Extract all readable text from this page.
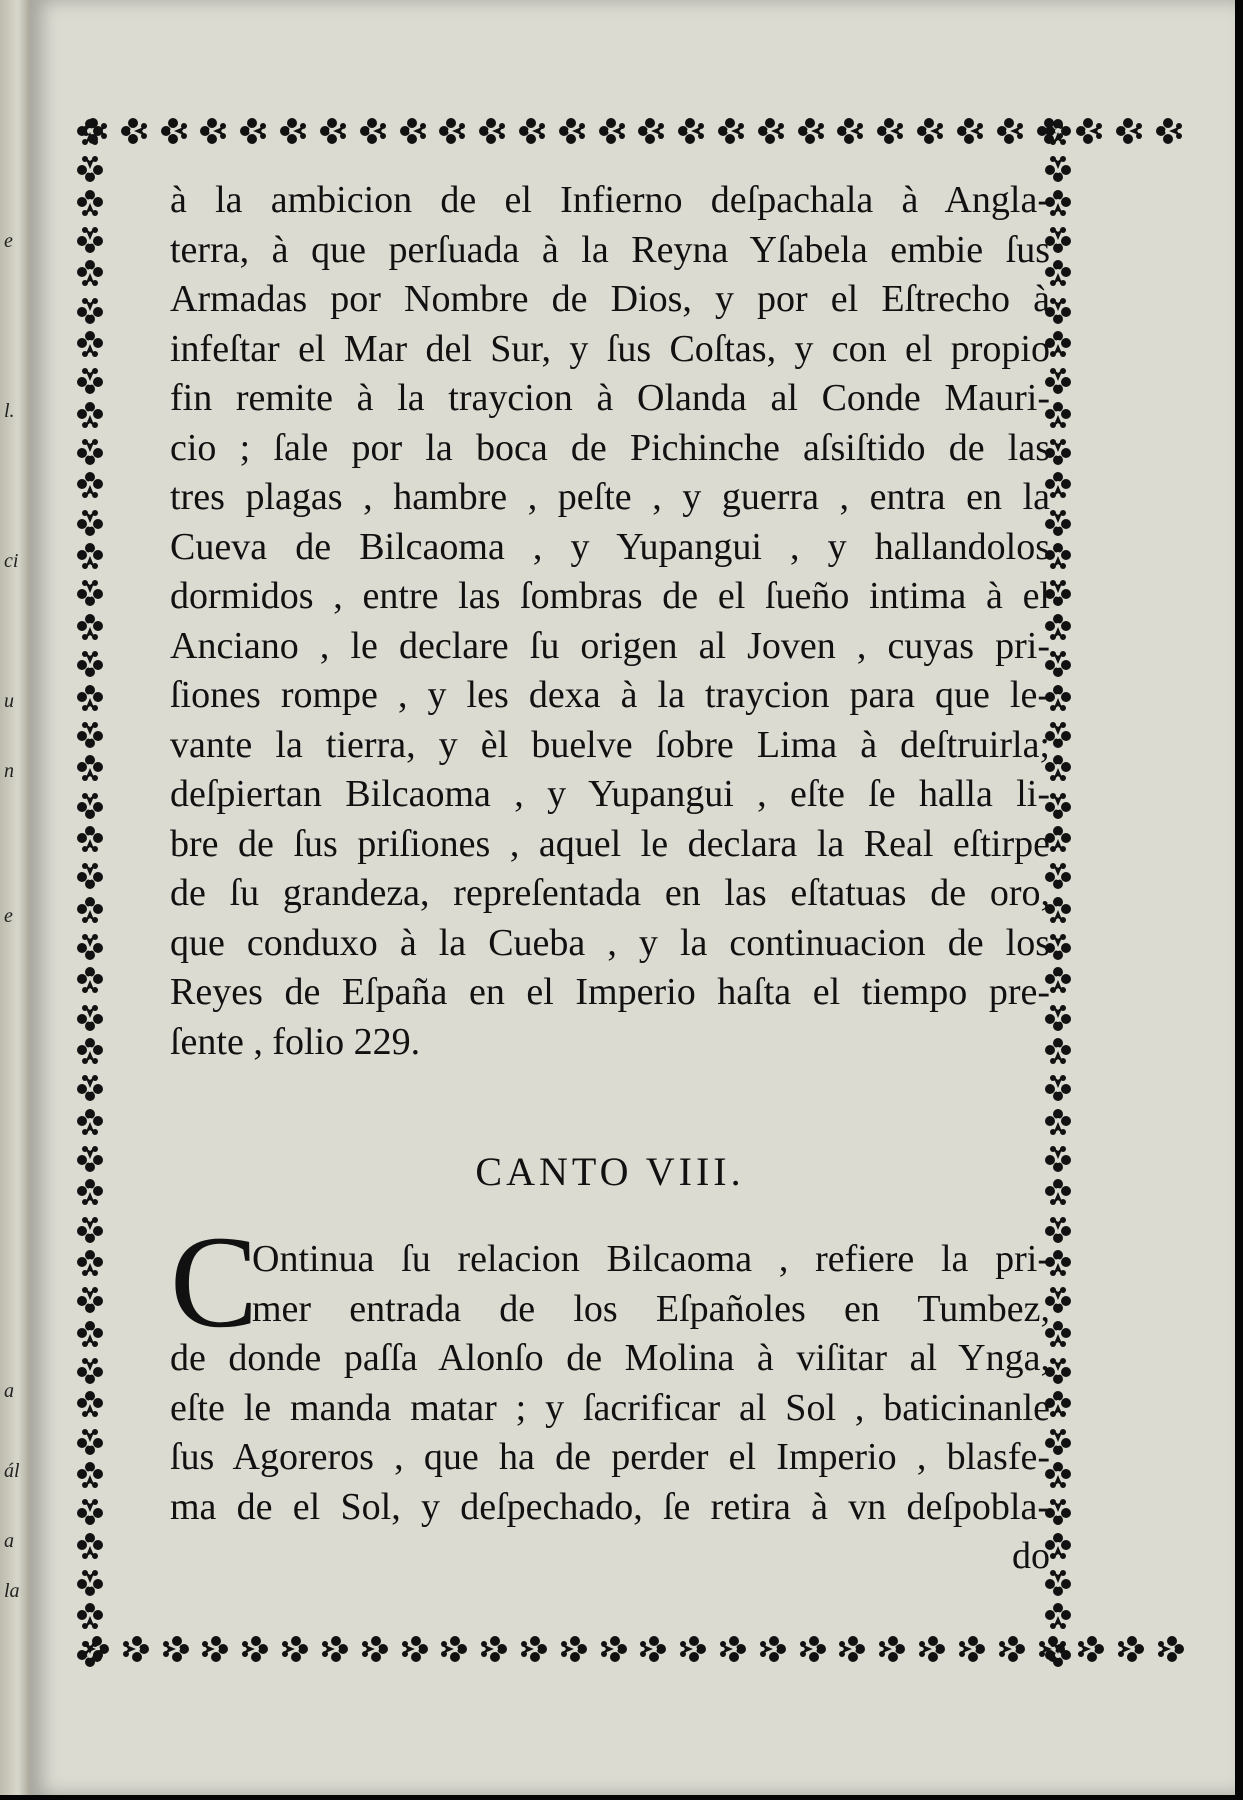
e
l.
ci
u
n
e
a
ál
a
la
à la ambicion de el Infierno deſpachala à Angla-
terra, à que perſuada à la Reyna Yſabela embie ſus
Armadas por Nombre de Dios, y por el Eſtrecho à
infeſtar el Mar del Sur, y ſus Coſtas, y con el propio
fin remite à la traycion à Olanda al Conde Mauri-
cio ; ſale por la boca de Pichinche aſsiſtido de las
tres plagas , hambre , peſte , y guerra , entra en la
Cueva de Bilcaoma , y Yupangui , y hallandolos
dormidos , entre las ſombras de el ſueño intima à el
Anciano , le declare ſu origen al Joven , cuyas pri-
ſiones rompe , y les dexa à la traycion para que le-
vante la tierra, y èl buelve ſobre Lima à deſtruirla;
deſpiertan Bilcaoma , y Yupangui , eſte ſe halla li-
bre de ſus priſiones , aquel le declara la Real eſtirpe
de ſu grandeza, repreſentada en las eſtatuas de oro,
que conduxo à la Cueba , y la continuacion de los
Reyes de Eſpaña en el Imperio haſta el tiempo pre-
ſente , folio 229.
CANTO VIII.
C
Ontinua ſu relacion Bilcaoma , refiere la pri-
mer entrada de los Eſpañoles en Tumbez,
de donde paſſa Alonſo de Molina à viſitar al Ynga,
eſte le manda matar ; y ſacrificar al Sol , baticinanle
ſus Agoreros , que ha de perder el Imperio , blasfe-
ma de el Sol, y deſpechado, ſe retira à vn deſpobla-
do
